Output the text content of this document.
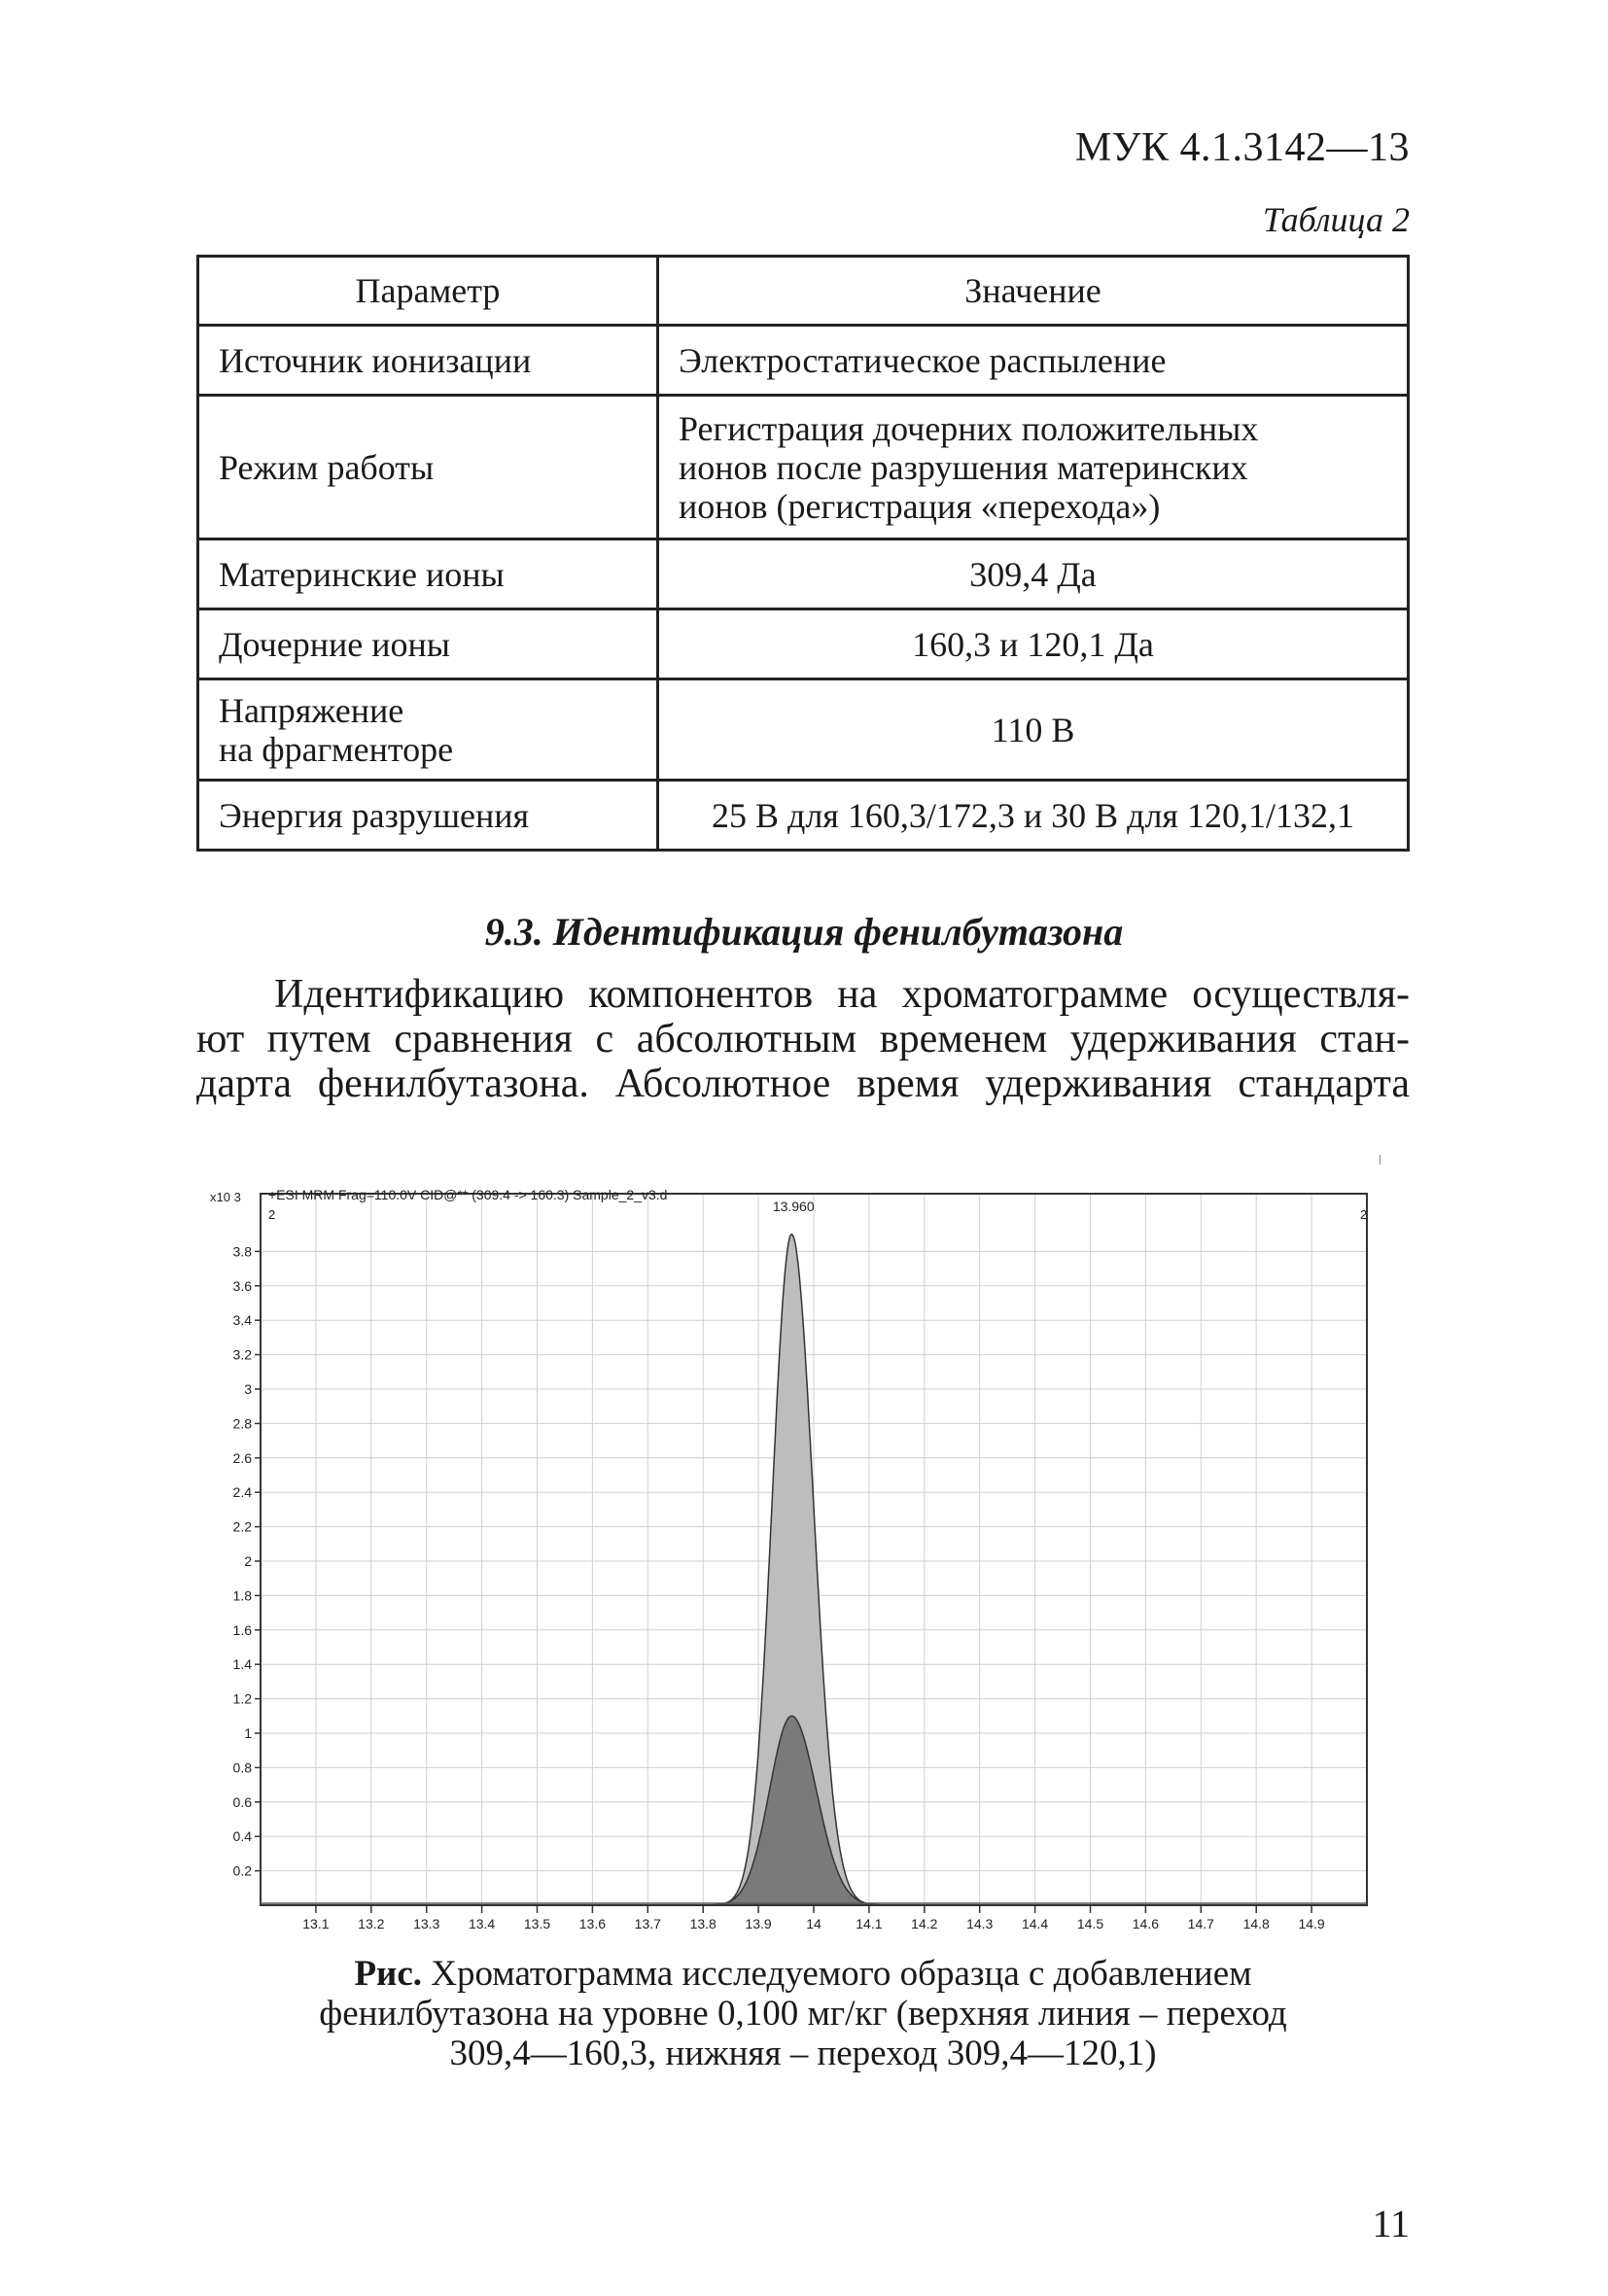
МУК 4.1.3142—13
Таблица 2
Параметр	Значение
Источник ионизации	Электростатическое распыление
Режим работы	Регистрация дочерних положительных
ионов после разрушения материнских
ионов (регистрация «перехода»)

Материнские ионы	309,4 Да
Дочерние ионы	160,3 и 120,1 Да

Напряжение
на фрагменторе	110 В
Энергия разрушения	25 В для 160,3/172,3 и 30 В для 120,1/132,1
9.3. Идентификация фенилбутазона
Идентификацию компонентов на хроматограмме осуществля-
ют путем сравнения с абсолютным временем удерживания стан-
дарта фенилбутазона. Абсолютное время удерживания стандарта
13.1 13.2 13.3 13.4 13.5 13.6 13.7 13.8 13.9	14	14.1 14.2 14.3 14.4 14.5 14.6 14.7 14.8 14.9
0.2
0.4
0.6
0.8
1
1.2
1.4
1.6
1.8
2
2.2
2.4
2.6
2.8
3
3.2
3.4
3.6
3.8
x10 3 +ESI MRM Frag=110.0V CID@** (309.4 -> 160.3) Sample_2_v3.d
2	2
13.960
Рис. Хроматограмма исследуемого образца с добавлением
фенилбутазона на уровне 0,100 мг/кг (верхняя линия – переход
309,4—160,3, нижняя – переход 309,4—120,1)
11
